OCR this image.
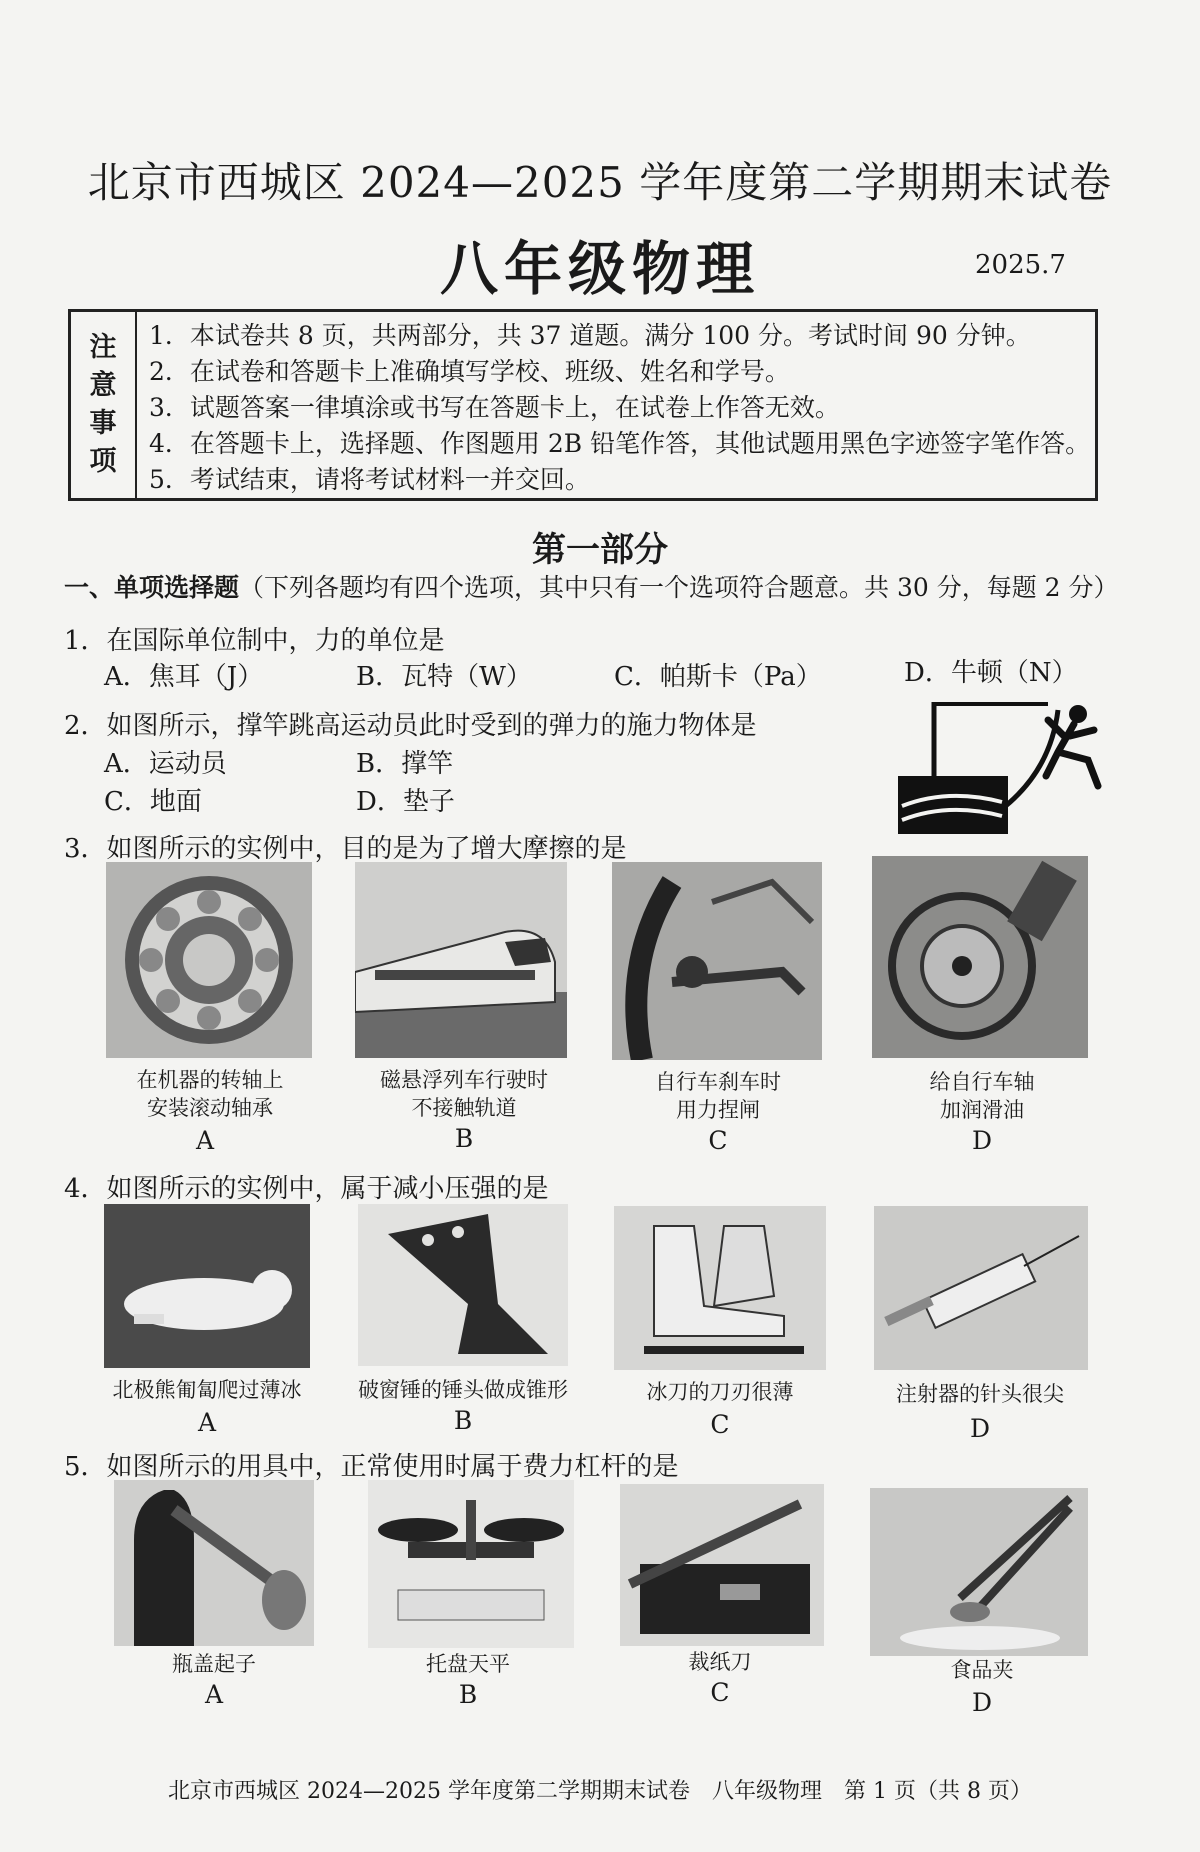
北京市西城区 2024—2025 学年度第二学期期末试卷
八年级物理	2025.7
注
意
事
项
1．本试卷共 8 页，共两部分，共 37 道题。满分 100 分。考试时间 90 分钟。
2．在试卷和答题卡上准确填写学校、班级、姓名和学号。
3．试题答案一律填涂或书写在答题卡上，在试卷上作答无效。
4．在答题卡上，选择题、作图题用 2B 铅笔作答，其他试题用黑色字迹签字笔作答。
5．考试结束，请将考试材料一并交回。
第一部分
一、单项选择题（下列各题均有四个选项，其中只有一个选项符合题意。共 30 分，每题 2 分）
1．在国际单位制中，力的单位是
A．焦耳（J）	B．瓦特（W）	C．帕斯卡（Pa）	D．牛顿（N）
2．如图所示，撑竿跳高运动员此时受到的弹力的施力物体是
A．运动员	B．撑竿
C．地面	D．垫子
3．如图所示的实例中，目的是为了增大摩擦的是
在机器的转轴上
安装滚动轴承
A
磁悬浮列车行驶时
不接触轨道
B
自行车刹车时
用力捏闸
C
给自行车轴
加润滑油
D
4．如图所示的实例中，属于减小压强的是
北极熊匍匐爬过薄冰
A
破窗锤的锤头做成锥形
B
冰刀的刀刃很薄
C
注射器的针头很尖
D
5．如图所示的用具中，正常使用时属于费力杠杆的是
瓶盖起子
A
托盘天平
B
裁纸刀
C
食品夹
D
北京市西城区 2024—2025 学年度第二学期期末试卷　八年级物理　第 1 页（共 8 页）
